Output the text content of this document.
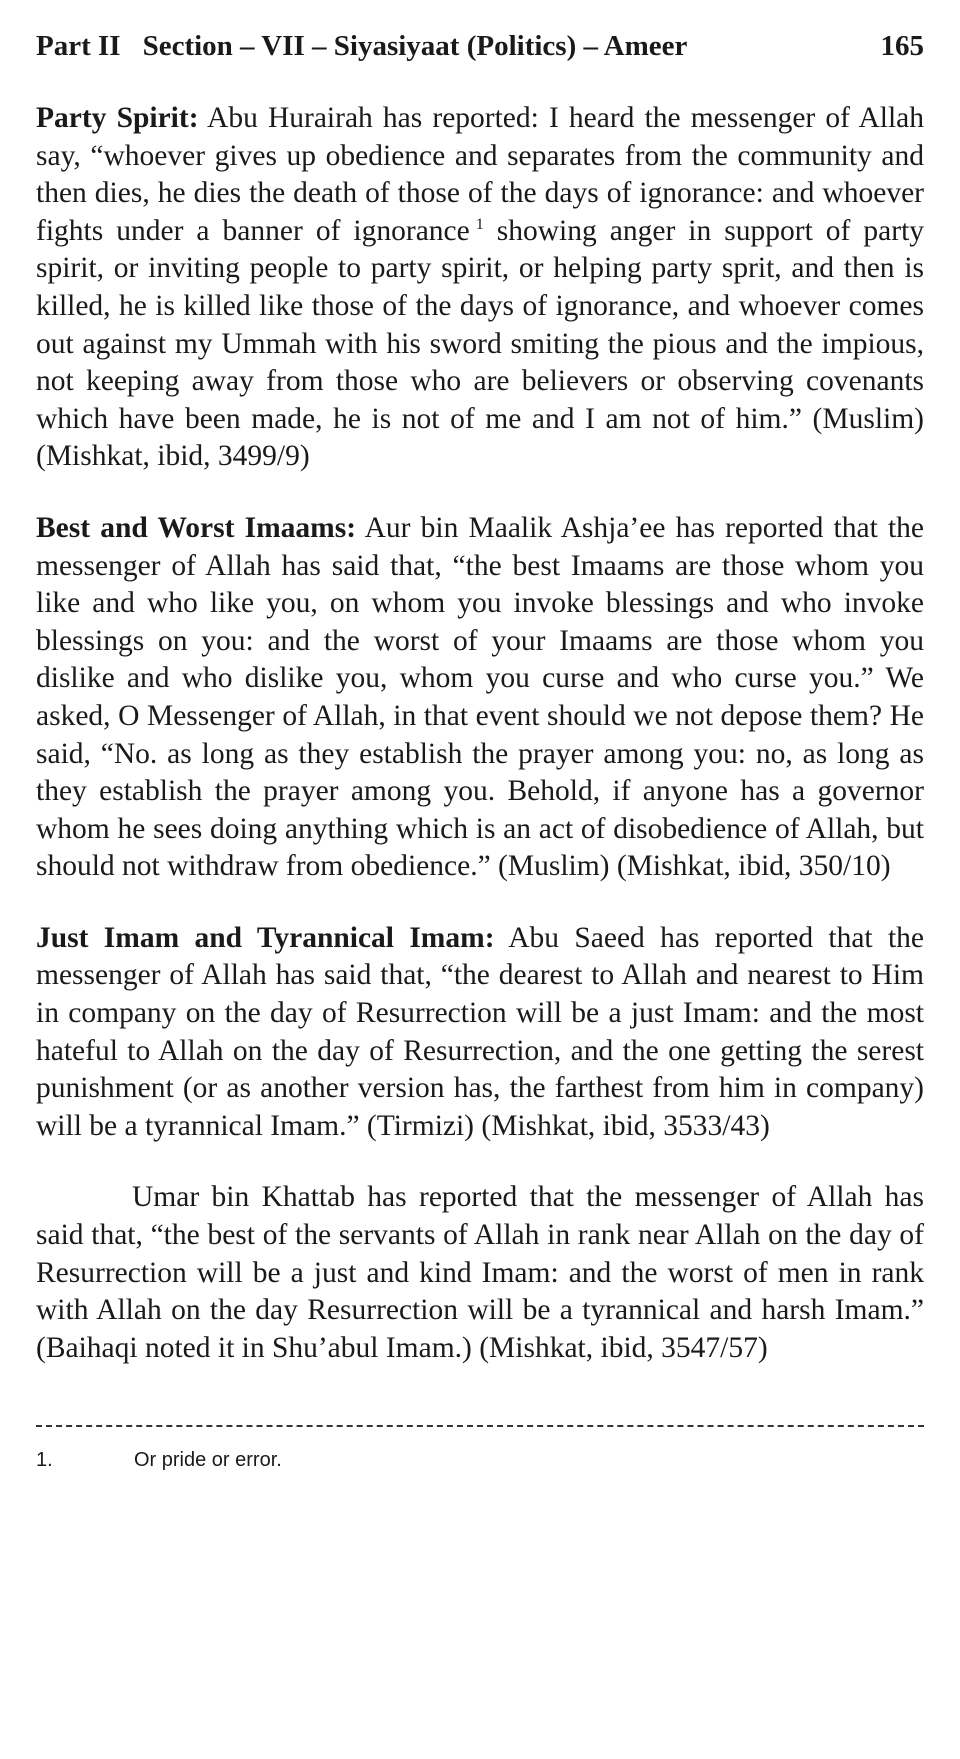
Part II Section – VII – Siyasiyaat (Politics) – Ameer	165

Party Spirit: Abu Hurairah has reported: I heard the messenger of Allah say, “whoever gives up obedience and separates from the community and then dies, he dies the death of those of the days of ignorance: and whoever fights under a banner of ignorance $^1$ showing anger in support of party spirit, or inviting people to party spirit, or helping party sprit, and then is killed, he is killed like those of the days of ignorance, and whoever comes out against my Ummah with his sword smiting the pious and the impious, not keeping away from those who are believers or observing covenants which have been made, he is not of me and I am not of him.” (Muslim) (Mishkat, ibid, 3499/9)

Best and Worst Imaams: Aur bin Maalik Ashja’ee has reported that the messenger of Allah has said that, “the best Imaams are those whom you like and who like you, on whom you invoke blessings and who invoke blessings on you: and the worst of your Imaams are those whom you dislike and who dislike you, whom you curse and who curse you.” We asked, O Messenger of Allah, in that event should we not depose them? He said, “No. as long as they establish the prayer among you: no, as long as they establish the prayer among you. Behold, if anyone has a governor whom he sees doing anything which is an act of disobedience of Allah, but should not withdraw from obedience.” (Muslim) (Mishkat, ibid, 350/10)

Just Imam and Tyrannical Imam: Abu Saeed has reported that the messenger of Allah has said that, “the dearest to Allah and nearest to Him in company on the day of Resurrection will be a just Imam: and the most hateful to Allah on the day of Resurrection, and the one getting the serest punishment (or as another version has, the farthest from him in company) will be a tyrannical Imam.” (Tirmizi) (Mishkat, ibid, 3533/43)

Umar bin Khattab has reported that the messenger of Allah has said that, “the best of the servants of Allah in rank near Allah on the day of Resurrection will be a just and kind Imam: and the worst of men in rank with Allah on the day Resurrection will be a tyrannical and harsh Imam.” (Baihaqi noted it in Shu’abul Imam.) (Mishkat, ibid, 3547/57)

1.	Or pride or error.
